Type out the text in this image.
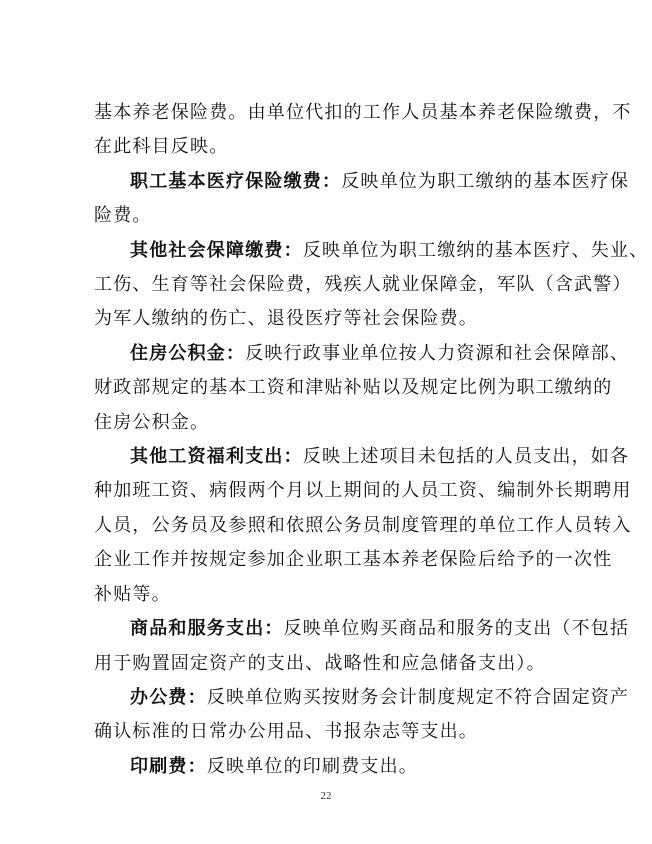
基本养老保险费。由单位代扣的工作人员基本养老保险缴费，不
在此科目反映。

职工基本医疗保险缴费：反映单位为职工缴纳的基本医疗保
险费。

其他社会保障缴费：反映单位为职工缴纳的基本医疗、失业、
工伤、生育等社会保险费，残疾人就业保障金，军队（含武警）
为军人缴纳的伤亡、退役医疗等社会保险费。

住房公积金：反映行政事业单位按人力资源和社会保障部、
财政部规定的基本工资和津贴补贴以及规定比例为职工缴纳的
住房公积金。

其他工资福利支出：反映上述项目未包括的人员支出，如各
种加班工资、病假两个月以上期间的人员工资、编制外长期聘用
人员，公务员及参照和依照公务员制度管理的单位工作人员转入
企业工作并按规定参加企业职工基本养老保险后给予的一次性
补贴等。

商品和服务支出：反映单位购买商品和服务的支出（不包括
用于购置固定资产的支出、战略性和应急储备支出）。

办公费：反映单位购买按财务会计制度规定不符合固定资产
确认标准的日常办公用品、书报杂志等支出。

印刷费：反映单位的印刷费支出。

22
